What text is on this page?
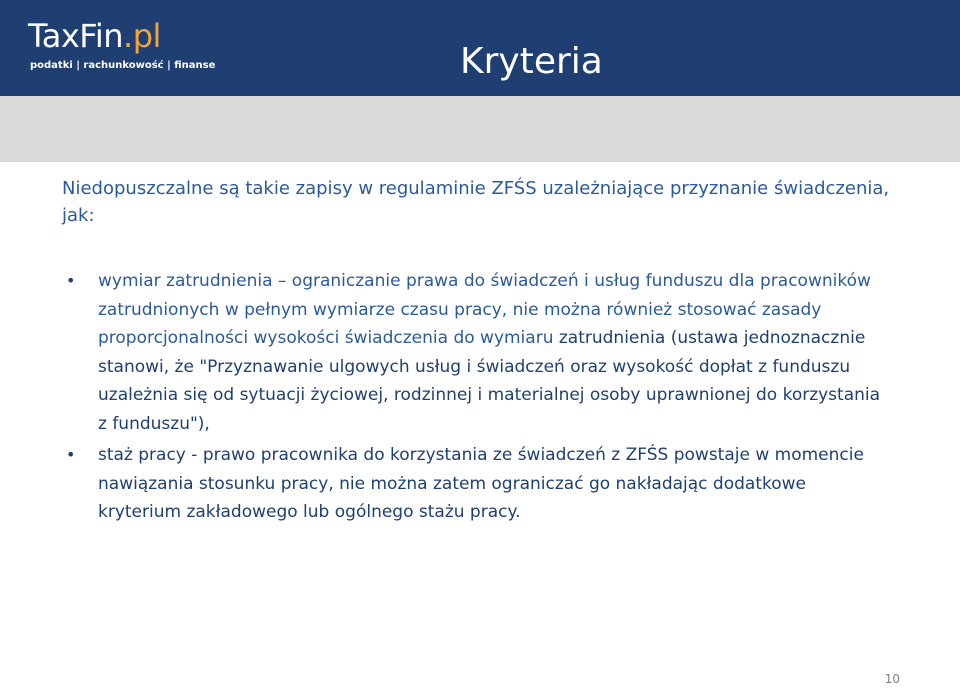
TaxFin.pl
podatki | rachunkowość | finanse	Kryteria

Niedopuszczalne są takie zapisy w regulaminie ZFŚS uzależniające przyznanie świadczenia, jak:

• wymiar zatrudnienia – ograniczanie prawa do świadczeń i usług funduszu dla pracowników zatrudnionych w pełnym wymiarze czasu pracy, nie można również stosować zasady proporcjonalności wysokości świadczenia do wymiaru zatrudnienia (ustawa jednoznacznie stanowi, że "Przyznawanie ulgowych usług i świadczeń oraz wysokość dopłat z funduszu uzależnia się od sytuacji życiowej, rodzinnej i materialnej osoby uprawnionej do korzystania z funduszu"),
• staż pracy - prawo pracownika do korzystania ze świadczeń z ZFŚS powstaje w momencie nawiązania stosunku pracy, nie można zatem ograniczać go nakładając dodatkowe kryterium zakładowego lub ogólnego stażu pracy.
10
